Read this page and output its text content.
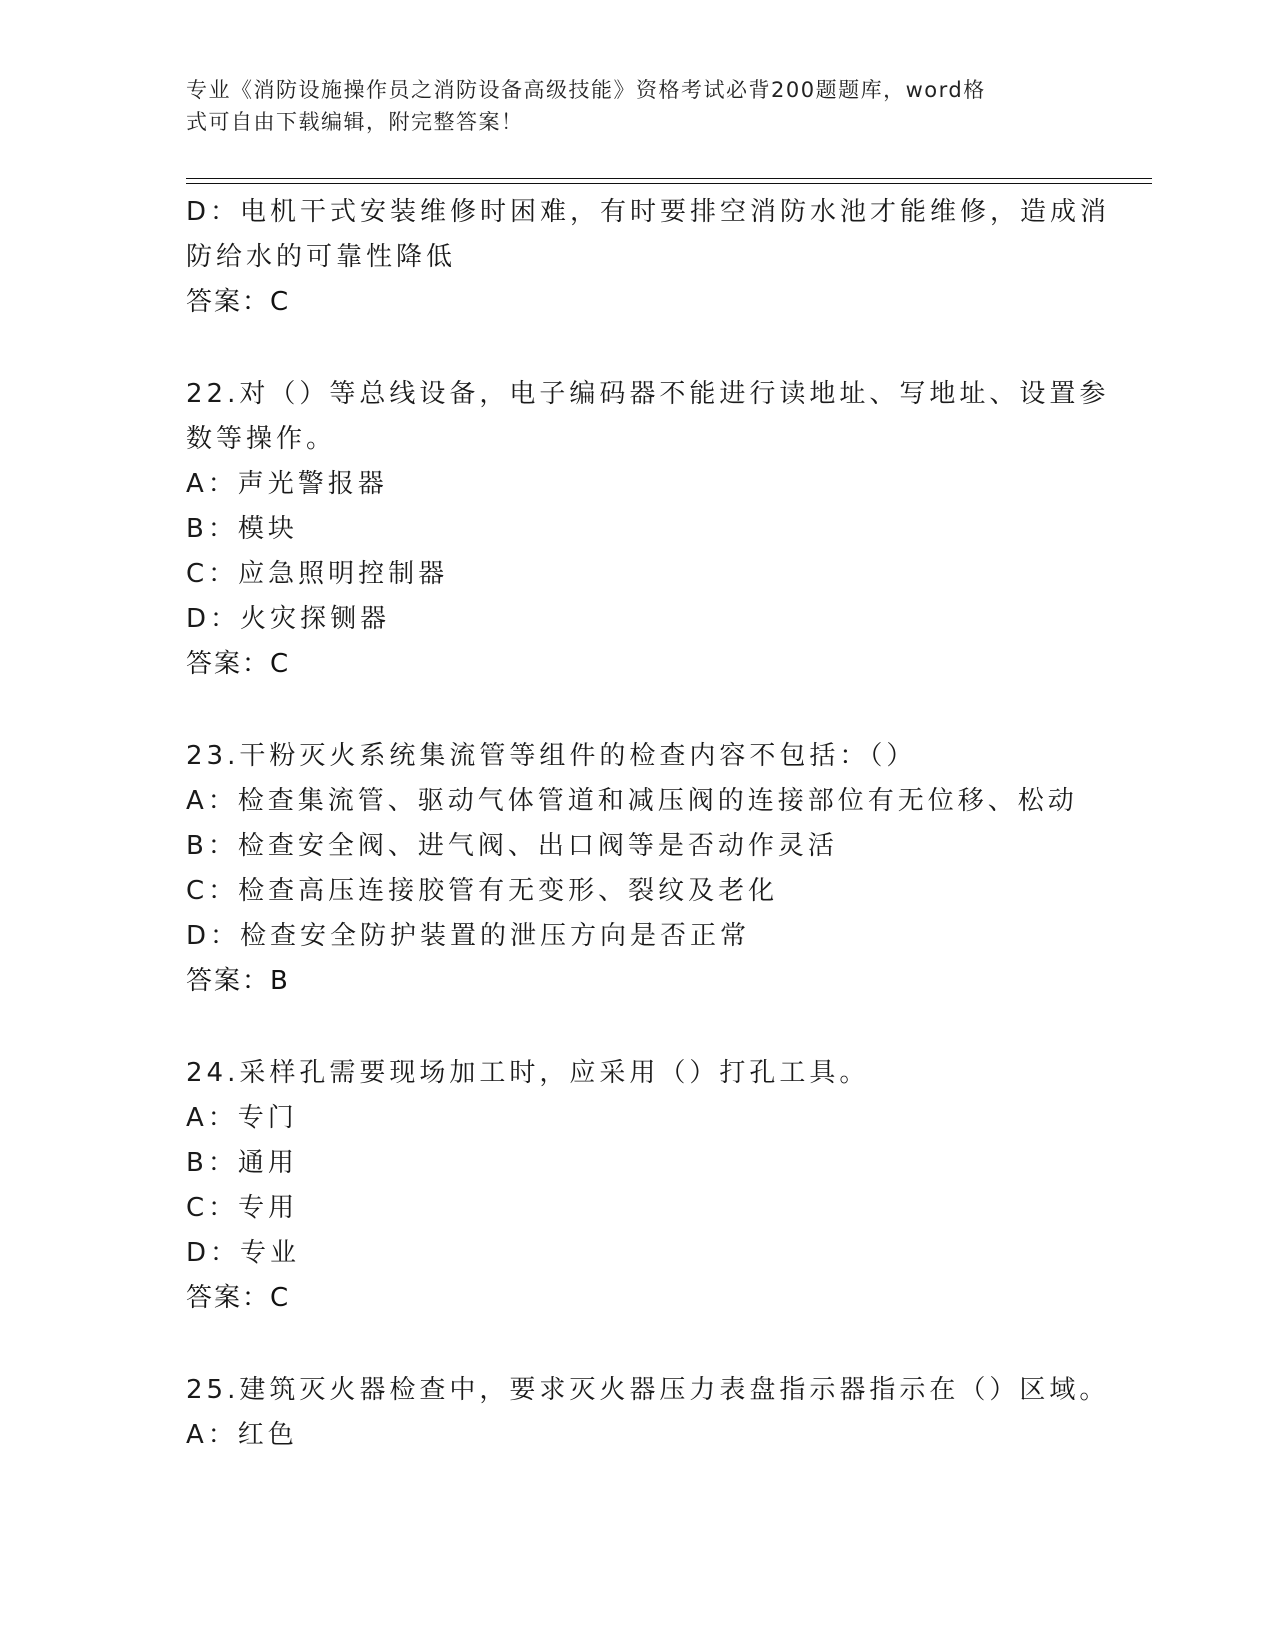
专业《消防设施操作员之消防设备高级技能》资格考试必背200题题库，word格
式可自由下载编辑，附完整答案！
D：电机干式安装维修时困难，有时要排空消防水池才能维修，造成消
防给水的可靠性降低
答案：C
22.对（）等总线设备，电子编码器不能进行读地址、写地址、设置参
数等操作。
A：声光警报器
B：模块
C：应急照明控制器
D：火灾探铡器
答案：C
23.干粉灭火系统集流管等组件的检查内容不包括：（）
A：检查集流管、驱动气体管道和减压阀的连接部位有无位移、松动
B：检查安全阀、进气阀、出口阀等是否动作灵活
C：检查高压连接胶管有无变形、裂纹及老化
D：检查安全防护装置的泄压方向是否正常
答案：B
24.采样孔需要现场加工时，应采用（）打孔工具。
A：专门
B：通用
C：专用
D：专业
答案：C
25.建筑灭火器检查中，要求灭火器压力表盘指示器指示在（）区域。
A：红色
